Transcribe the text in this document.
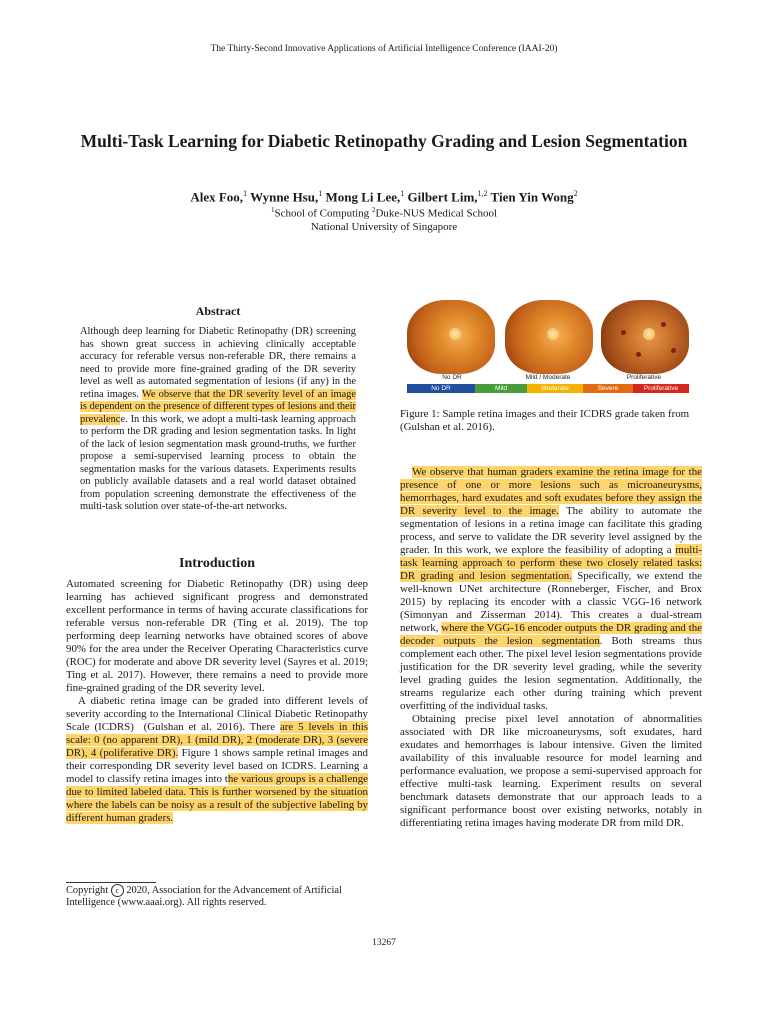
The Thirty-Second Innovative Applications of Artificial Intelligence Conference (IAAI-20)
Multi-Task Learning for Diabetic Retinopathy Grading and Lesion Segmentation
Alex Foo,$^1$ Wynne Hsu,$^1$ Mong Li Lee,$^1$ Gilbert Lim,$^{1,2}$ Tien Yin Wong$^2$
$^1$School of Computing $^2$Duke-NUS Medical School
National University of Singapore
Abstract
Although deep learning for Diabetic Retinopathy (DR) screening has shown great success in achieving clinically acceptable accuracy for referable versus non-referable DR, there remains a need to provide more fine-grained grading of the DR severity level as well as automated segmentation of lesions (if any) in the retina images. We observe that the DR severity level of an image is dependent on the presence of different types of lesions and their prevalence. In this work, we adopt a multi-task learning approach to perform the DR grading and lesion segmentation tasks. In light of the lack of lesion segmentation mask ground-truths, we further propose a semi-supervised learning process to obtain the segmentation masks for the various datasets. Experiments results on publicly available datasets and a real world dataset obtained from population screening demonstrate the effectiveness of the multi-task solution over state-of-the-art networks.
Introduction

Automated screening for Diabetic Retinopathy (DR) using deep learning has achieved significant progress and demonstrated excellent performance in terms of having accurate classifications for referable versus non-referable DR (Ting et al. 2019). The top performing deep learning networks have obtained scores of above 90% for the area under the Receiver Operating Characteristics curve (ROC) for moderate and above DR severity level (Sayres et al. 2019; Ting et al. 2017). However, there remains a need to provide more fine-grained grading of the DR severity level.

A diabetic retina image can be graded into different levels of severity according to the International Clinical Diabetic Retinopathy Scale (ICDRS)  (Gulshan et al. 2016). There are 5 levels in this scale: 0 (no apparent DR), 1 (mild DR), 2 (moderate DR), 3 (severe DR), 4 (poliferative DR). Figure 1 shows sample retinal images and their corresponding DR severity level based on ICDRS. Learning a model to classify retina images into the various groups is a challenge due to limited labeled data. This is further worsened by the situation where the labels can be noisy as a result of the subjective labeling by different human graders.

Copyright c 2020, Association for the Advancement of Artificial Intelligence (www.aaai.org). All rights reserved.
No DR	Mild / Moderate	Proliferative
No DR	Mild	Moderate	Severe	Proliferative
Figure 1: Sample retina images and their ICDRS grade taken from (Gulshan et al. 2016).

We observe that human graders examine the retina image for the presence of one or more lesions such as microaneurysms, hemorrhages, hard exudates and soft exudates before they assign the DR severity level to the image. The ability to automate the segmentation of lesions in a retina image can facilitate this grading process, and serve to validate the DR severity level assigned by the grader. In this work, we explore the feasibility of adopting a multi-task learning approach to perform these two closely related tasks: DR grading and lesion segmentation. Specifically, we extend the well-known UNet architecture (Ronneberger, Fischer, and Brox 2015) by replacing its encoder with a classic VGG-16 network (Simonyan and Zisserman 2014). This creates a dual-stream network, where the VGG-16 encoder outputs the DR grading and the decoder outputs the lesion segmentation. Both streams thus complement each other. The pixel level lesion segmentations provide justification for the DR severity level grading, while the severity level grading guides the lesion segmentation. Additionally, the streams regularize each other during training which prevent overfitting of the individual tasks.

Obtaining precise pixel level annotation of abnormalities associated with DR like microaneurysms, soft exudates, hard exudates and hemorrhages is labour intensive. Given the limited availability of this invaluable resource for model learning and performance evaluation, we propose a semi-supervised approach for effective multi-task learning. Experiment results on several benchmark datasets demonstrate that our approach leads to a significant performance boost over existing networks, notably in differentiating retina images having moderate DR from mild DR.

13267
